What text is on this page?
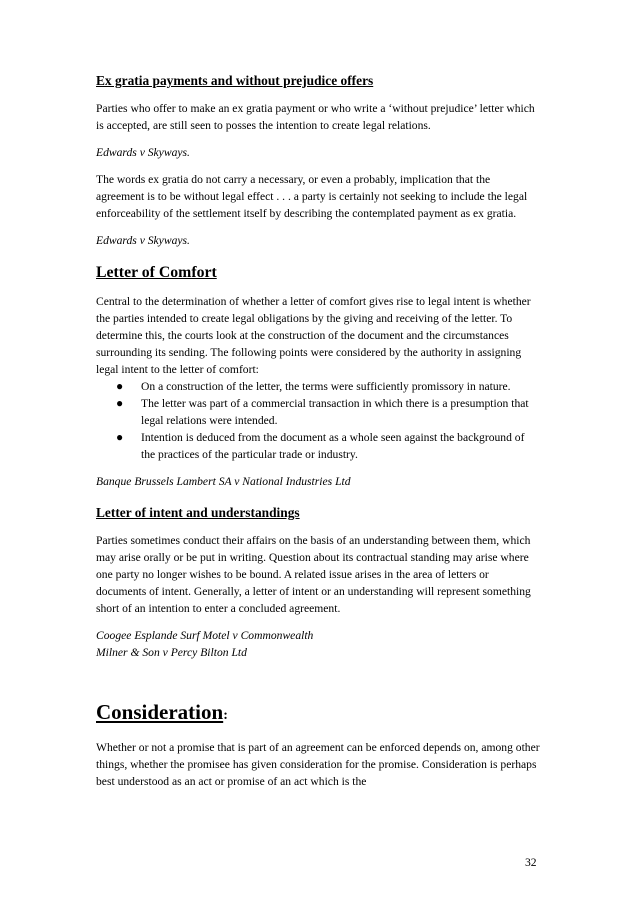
Ex gratia payments and without prejudice offers

Parties who offer to make an ex gratia payment or who write a ‘without prejudice’ letter which is accepted, are still seen to posses the intention to create legal relations.

Edwards v Skyways.

The words ex gratia do not carry a necessary, or even a probably, implication that the agreement is to be without legal effect . . . a party is certainly not seeking to include the legal enforceability of the settlement itself by describing the contemplated payment as ex gratia.

Edwards v Skyways.

Letter of Comfort

Central to the determination of whether a letter of comfort gives rise to legal intent is whether the parties intended to create legal obligations by the giving and receiving of the letter. To determine this, the courts look at the construction of the document and the circumstances surrounding its sending. The following points were considered by the authority in assigning legal intent to the letter of comfort:

● On a construction of the letter, the terms were sufficiently promissory in nature.
● The letter was part of a commercial transaction in which there is a presumption that legal relations were intended.
● Intention is deduced from the document as a whole seen against the background of the practices of the particular trade or industry.

Banque Brussels Lambert SA v National Industries Ltd

Letter of intent and understandings

Parties sometimes conduct their affairs on the basis of an understanding between them, which may arise orally or be put in writing. Question about its contractual standing may arise where one party no longer wishes to be bound. A related issue arises in the area of letters or documents of intent. Generally, a letter of intent or an understanding will represent something short of an intention to enter a concluded agreement.

Coogee Esplande Surf Motel v Commonwealth

Milner & Son v Percy Bilton Ltd

Consideration:

Whether or not a promise that is part of an agreement can be enforced depends on, among other things, whether the promisee has given consideration for the promise. Consideration is perhaps best understood as an act or promise of an act which is the

32
